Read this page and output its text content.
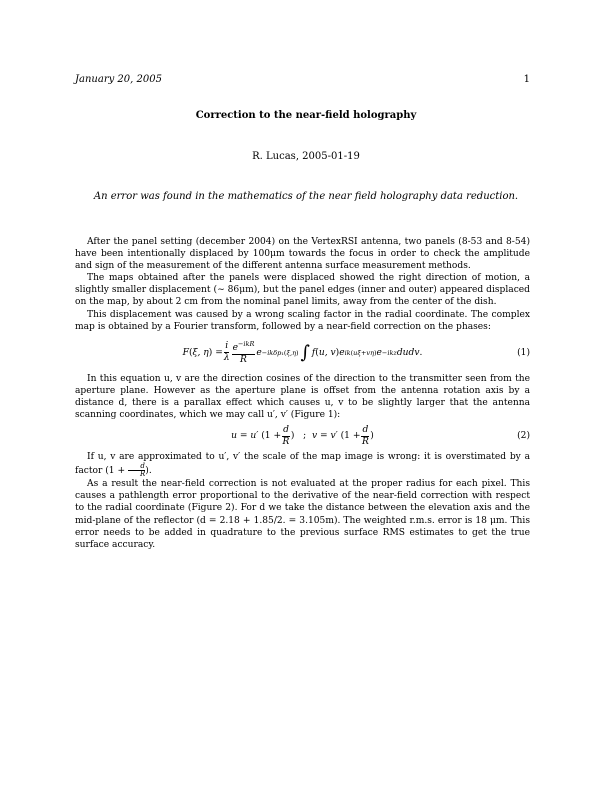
January 20, 2005	1
Correction to the near-field holography
R. Lucas, 2005-01-19
An error was found in the mathematics of the near field holography data reduction.

After the panel setting (december 2004) on the VertexRSI antenna, two panels (8-53 and 8-54) have been intentionally displaced by 100μm towards the focus in order to check the amplitude and sign of the measurement of the different antenna surface measurement methods.

The maps obtained after the panels were displaced showed the right direction of motion, a slightly smaller displacement (∼ 86μm), but the panel edges (inner and outer) appeared displaced on the map, by about 2 cm from the nominal panel limits, away from the center of the dish.

This displacement was caused by a wrong scaling factor in the radial coordinate. The complex map is obtained by a Fourier transform, followed by a near-field correction on the phases:

F ( ξ, η ) = $\frac{i}{\lambda} \frac{e^{-ikR}}{R}$ e −ikδp₁(ξ,η) ∫ f ( u, v ) e ik(uξ+vη) e −ikz dudv .	(1)

In this equation u, v are the direction cosines of the direction to the transmitter seen from the aperture plane. However as the aperture plane is offset from the antenna rotation axis by a distance d, there is a parallax effect which causes u, v to be slightly larger that the antenna scanning coordinates, which we may call u′, v′ (Figure 1):

u = u′ ($1 + \frac{d}{R}$ )   ; v = v′ ($1 + \frac{d}{R}$ )	(2)

If u, v are approximated to u′, v′ the scale of the map image is wrong: it is overstimated by a factor ($1 + \frac{d}{R}$ ).

As a result the near-field correction is not evaluated at the proper radius for each pixel. This causes a pathlength error proportional to the derivative of the near-field correction with respect to the radial coordinate (Figure 2). For d we take the distance between the elevation axis and the mid-plane of the reflector (d = 2.18 + 1.85/2. = 3.105m). The weighted r.m.s. error is 18 μm. This error needs to be added in quadrature to the previous surface RMS estimates to get the true surface accuracy.
